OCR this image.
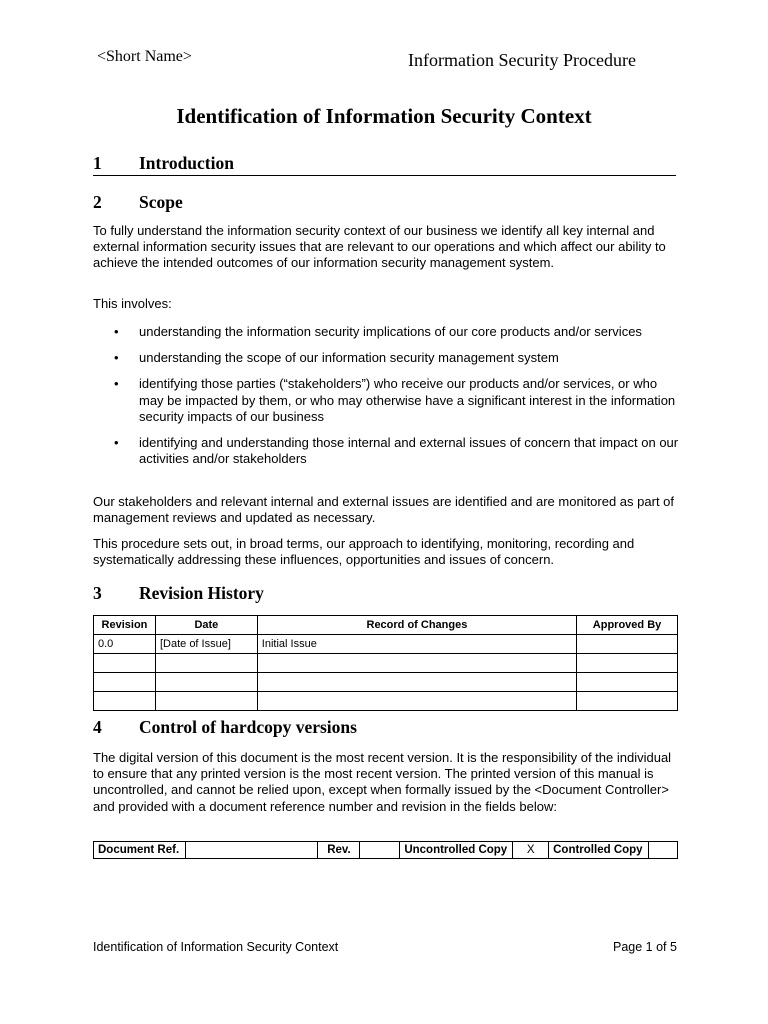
<Short Name>	Information Security Procedure
Identification of Information Security Context
1 Introduction
2 Scope
To fully understand the information security context of our business we identify all key internal and external information security issues that are relevant to our operations and which affect our ability to achieve the intended outcomes of our information security management system.
This involves:
• understanding the information security implications of our core products and/or services
• understanding the scope of our information security management system
• identifying those parties (“stakeholders”) who receive our products and/or services, or who may be impacted by them, or who may otherwise have a significant interest in the information security impacts of our business
• identifying and understanding those internal and external issues of concern that impact on our activities and/or stakeholders
Our stakeholders and relevant internal and external issues are identified and are monitored as part of management reviews and updated as necessary.
This procedure sets out, in broad terms, our approach to identifying, monitoring, recording and systematically addressing these influences, opportunities and issues of concern.
3 Revision History
Revision	Date	Record of Changes	Approved By
0.0	[Date of Issue]	Initial Issue	

4 Control of hardcopy versions
The digital version of this document is the most recent version. It is the responsibility of the individual to ensure that any printed version is the most recent version. The printed version of this manual is uncontrolled, and cannot be relied upon, except when formally issued by the <Document Controller> and provided with a document reference number and revision in the fields below:
Document Ref.		Rev.		Uncontrolled Copy	X	Controlled Copy	
Identification of Information Security Context	Page 1 of 5
